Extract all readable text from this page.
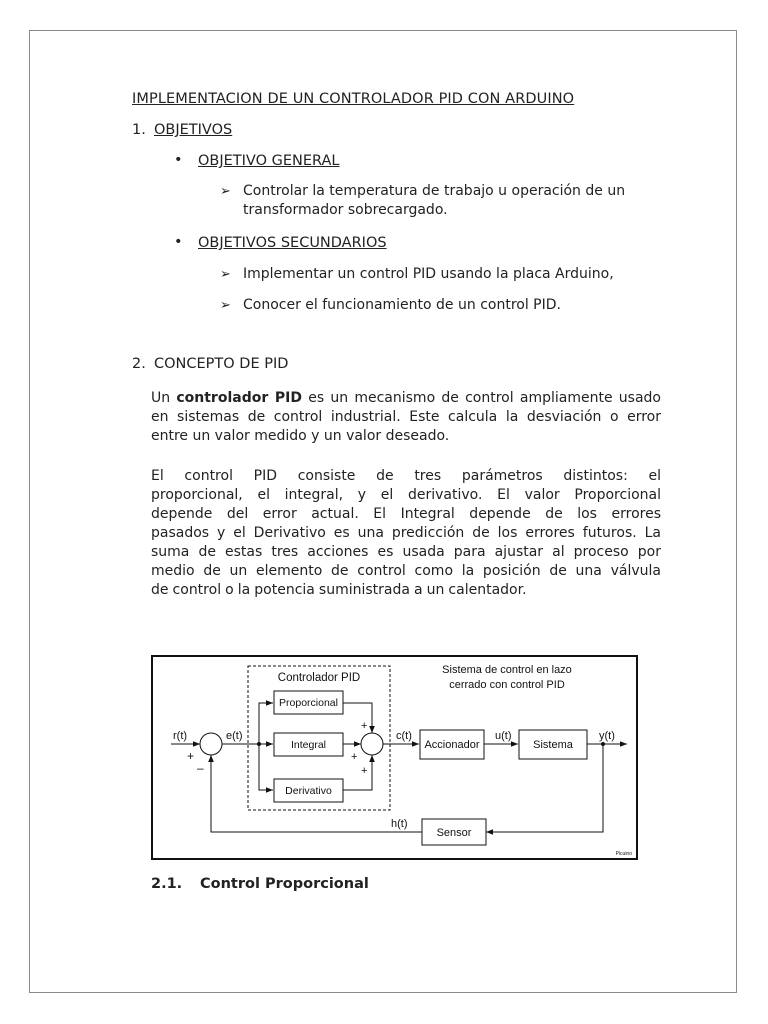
IMPLEMENTACION DE UN CONTROLADOR PID CON ARDUINO
1. OBJETIVOS
• OBJETIVO GENERAL
➢ Controlar la temperatura de trabajo u operación de un transformador sobrecargado.
• OBJETIVOS SECUNDARIOS
➢ Implementar un control PID usando la placa Arduino,
➢ Conocer el funcionamiento de un control PID.
2. CONCEPTO DE PID

Un controlador PID es un mecanismo de control ampliamente usado en sistemas de control industrial. Este calcula la desviación o error entre un valor medido y un valor deseado.

El control PID consiste de tres parámetros distintos: el
proporcional, el integral, y el derivativo. El valor Proporcional
depende del error actual. El Integral depende de los errores
pasados y el Derivativo es una predicción de los errores futuros. La
suma de estas tres acciones es usada para ajustar al proceso por
medio de un elemento de control como la posición de una válvula
de control o la potencia suministrada a un calentador.

Controlador PID
Sistema de control en lazo
cerrado con control PID
r(t)
+
–
e(t)
Proporcional
Integral
Derivativo
+
+
+
c(t)
Accionador
u(t)
Sistema
y(t)
Sensor
h(t)
Picuino
2.1. Control Proporcional
